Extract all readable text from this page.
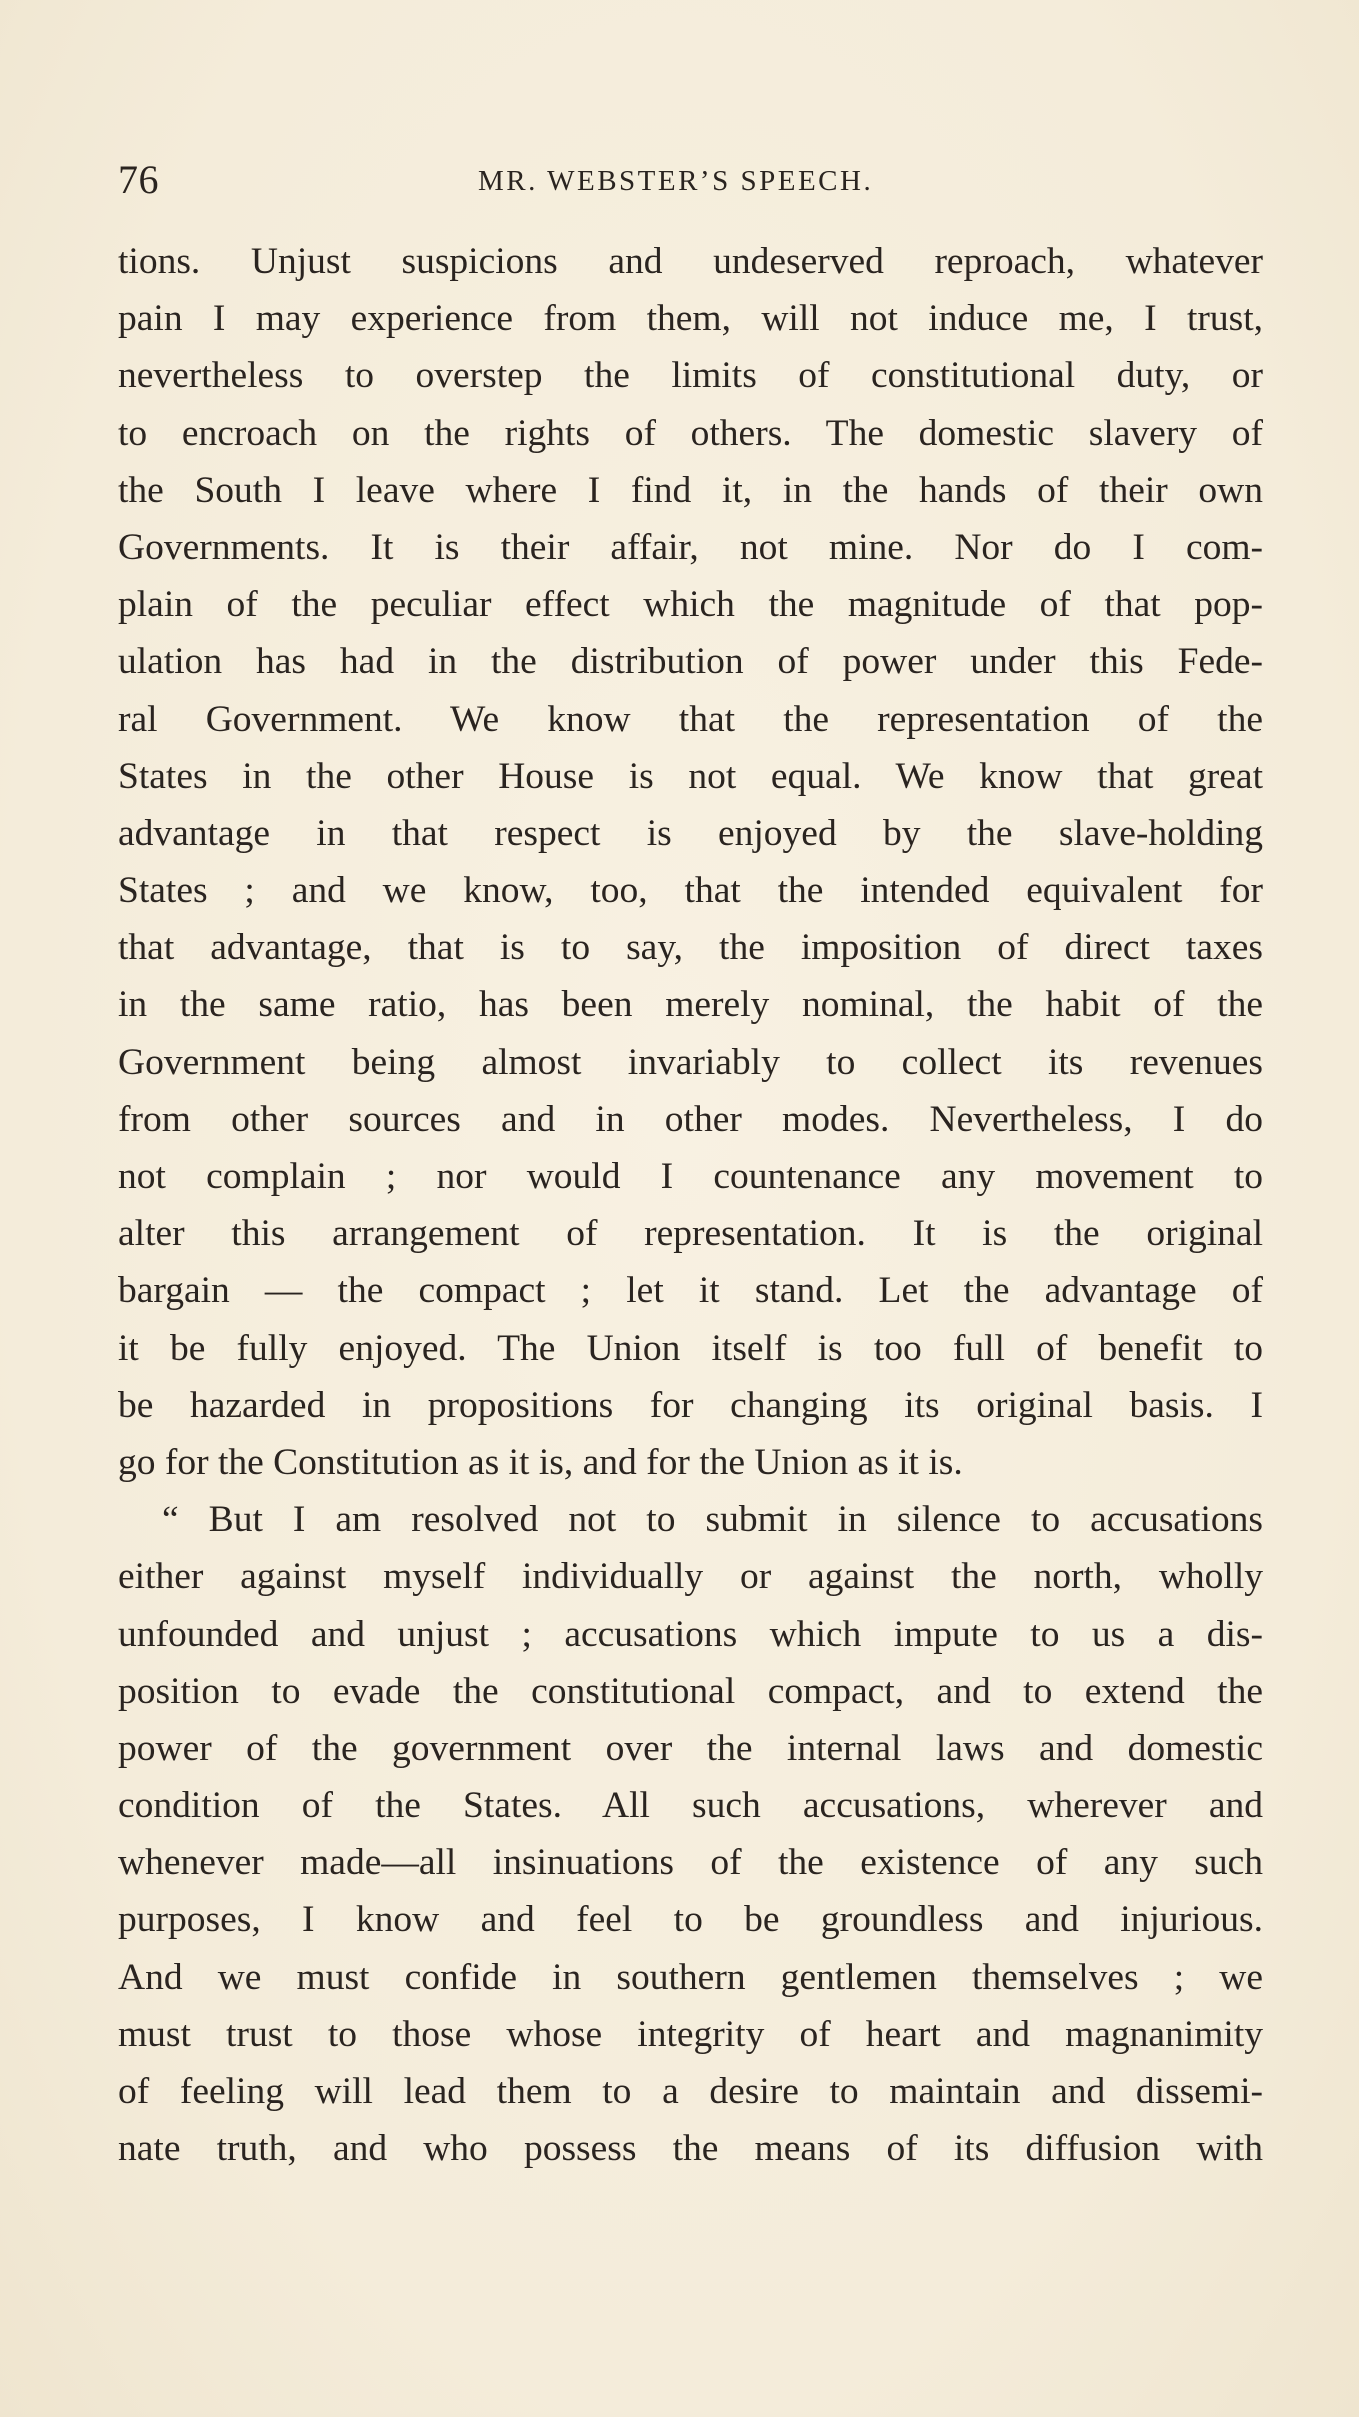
76	MR. WEBSTER’S SPEECH.
tions. Unjust suspicions and undeserved reproach, whatever
pain I may experience from them, will not induce me, I trust,
nevertheless to overstep the limits of constitutional duty, or
to encroach on the rights of others. The domestic slavery of
the South I leave where I find it, in the hands of their own
Governments. It is their affair, not mine. Nor do I com-
plain of the peculiar effect which the magnitude of that pop-
ulation has had in the distribution of power under this Fede-
ral Government. We know that the representation of the
States in the other House is not equal. We know that great
advantage in that respect is enjoyed by the slave-holding
States ; and we know, too, that the intended equivalent for
that advantage, that is to say, the imposition of direct taxes
in the same ratio, has been merely nominal, the habit of the
Government being almost invariably to collect its revenues
from other sources and in other modes. Nevertheless, I do
not complain ; nor would I countenance any movement to
alter this arrangement of representation. It is the original
bargain — the compact ; let it stand. Let the advantage of
it be fully enjoyed. The Union itself is too full of benefit to
be hazarded in propositions for changing its original basis. I
go for the Constitution as it is, and for the Union as it is.
“ But I am resolved not to submit in silence to accusations
either against myself individually or against the north, wholly
unfounded and unjust ; accusations which impute to us a dis-
position to evade the constitutional compact, and to extend the
power of the government over the internal laws and domestic
condition of the States. All such accusations, wherever and
whenever made—all insinuations of the existence of any such
purposes, I know and feel to be groundless and injurious.
And we must confide in southern gentlemen themselves ; we
must trust to those whose integrity of heart and magnanimity
of feeling will lead them to a desire to maintain and dissemi-
nate truth, and who possess the means of its diffusion with
